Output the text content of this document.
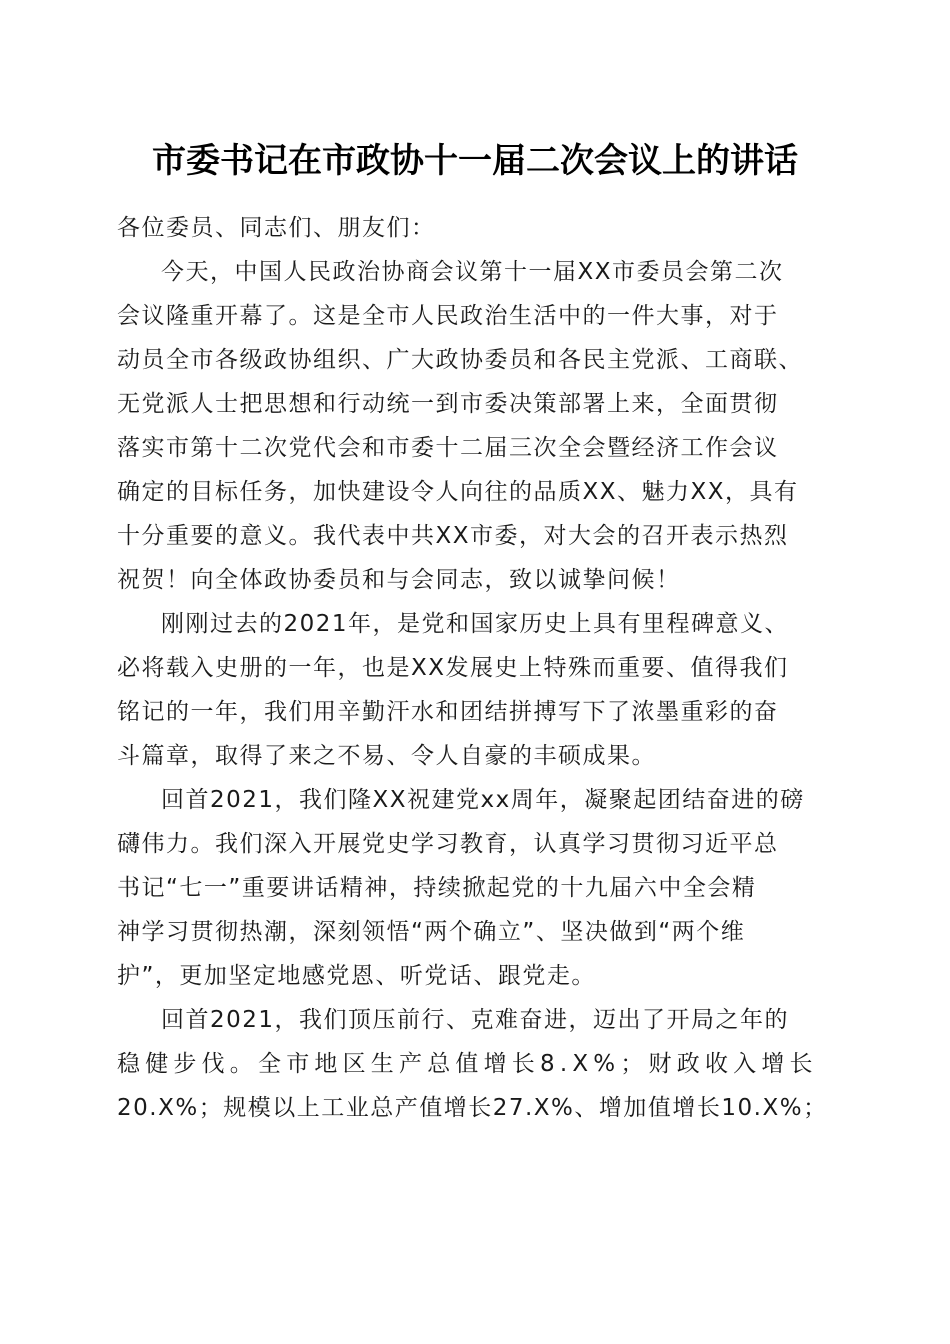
市委书记在市政协十一届二次会议上的讲话
各位委员、同志们、朋友们：
今天，中国人民政治协商会议第十一届XX市委员会第二次
会议隆重开幕了。这是全市人民政治生活中的一件大事，对于
动员全市各级政协组织、广大政协委员和各民主党派、工商联、
无党派人士把思想和行动统一到市委决策部署上来，全面贯彻
落实市第十二次党代会和市委十二届三次全会暨经济工作会议
确定的目标任务，加快建设令人向往的品质XX、魅力XX，具有
十分重要的意义。我代表中共XX市委，对大会的召开表示热烈
祝贺！向全体政协委员和与会同志，致以诚挚问候！
刚刚过去的2021年，是党和国家历史上具有里程碑意义、
必将载入史册的一年，也是XX发展史上特殊而重要、值得我们
铭记的一年，我们用辛勤汗水和团结拼搏写下了浓墨重彩的奋
斗篇章，取得了来之不易、令人自豪的丰硕成果。
回首2021，我们隆XX祝建党xx周年，凝聚起团结奋进的磅
礴伟力。我们深入开展党史学习教育，认真学习贯彻习近平总
书记“七一”重要讲话精神，持续掀起党的十九届六中全会精
神学习贯彻热潮，深刻领悟“两个确立”、坚决做到“两个维
护”，更加坚定地感党恩、听党话、跟党走。
回首2021，我们顶压前行、克难奋进，迈出了开局之年的
稳健步伐。全市地区生产总值增长8.X%；财政收入增长
20.X%；规模以上工业总产值增长27.X%、增加值增长10.X%；
